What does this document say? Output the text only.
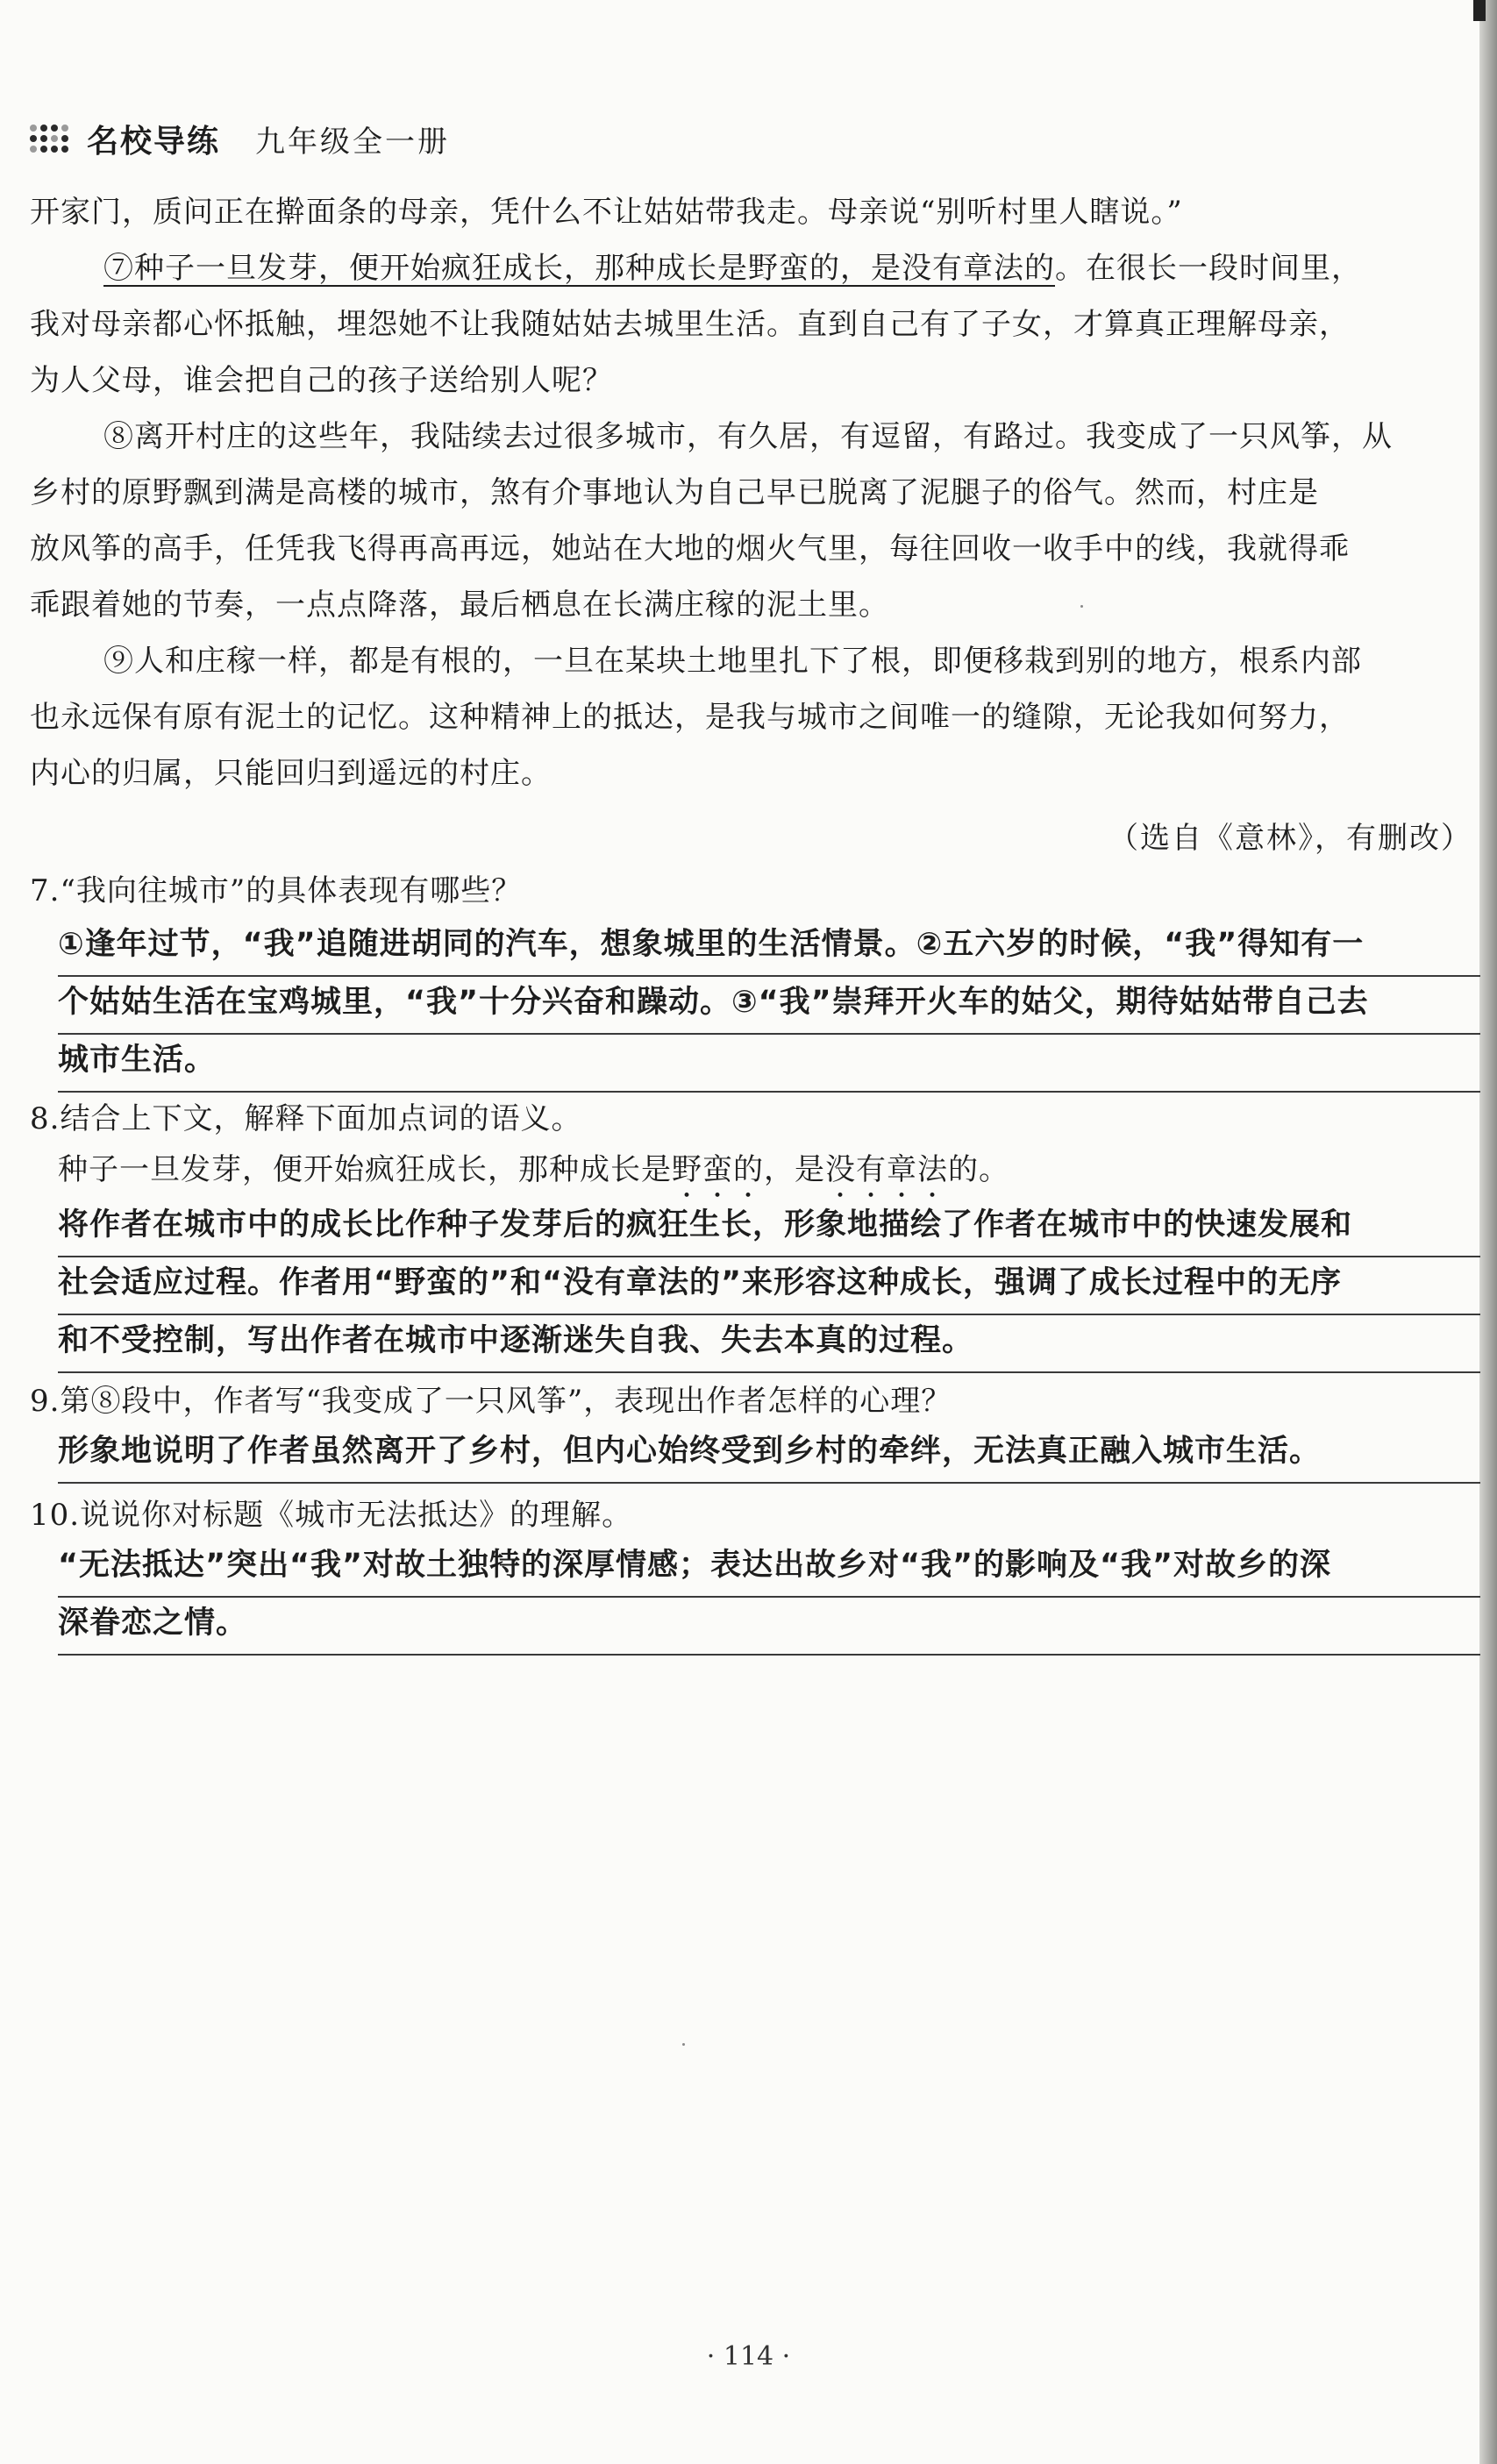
名校导练 九年级全一册

开家门，质问正在擀面条的母亲，凭什么不让姑姑带我走。母亲说“别听村里人瞎说。”

⑦种子一旦发芽，便开始疯狂成长，那种成长是野蛮的，是没有章法的。在很长一段时间里，

我对母亲都心怀抵触，埋怨她不让我随姑姑去城里生活。直到自己有了子女，才算真正理解母亲，

为人父母，谁会把自己的孩子送给别人呢？

⑧离开村庄的这些年，我陆续去过很多城市，有久居，有逗留，有路过。我变成了一只风筝，从

乡村的原野飘到满是高楼的城市，煞有介事地认为自己早已脱离了泥腿子的俗气。然而，村庄是

放风筝的高手，任凭我飞得再高再远，她站在大地的烟火气里，每往回收一收手中的线，我就得乖

乖跟着她的节奏，一点点降落，最后栖息在长满庄稼的泥土里。

⑨人和庄稼一样，都是有根的，一旦在某块土地里扎下了根，即便移栽到别的地方，根系内部

也永远保有原有泥土的记忆。这种精神上的抵达，是我与城市之间唯一的缝隙，无论我如何努力，

内心的归属，只能回归到遥远的村庄。

（选自《意林》，有删改）
7.“我向往城市”的具体表现有哪些？
①逢年过节，“我”追随进胡同的汽车，想象城里的生活情景。②五六岁的时候，“我”得知有一
个姑姑生活在宝鸡城里，“我”十分兴奋和躁动。③“我”崇拜开火车的姑父，期待姑姑带自己去
城市生活。
8.结合上下文，解释下面加点词的语义。
种子一旦发芽，便开始疯狂成长，那种成长是野蛮的，是没有章法的。
将作者在城市中的成长比作种子发芽后的疯狂生长，形象地描绘了作者在城市中的快速发展和
社会适应过程。作者用“野蛮的”和“没有章法的”来形容这种成长，强调了成长过程中的无序
和不受控制，写出作者在城市中逐渐迷失自我、失去本真的过程。
9.第⑧段中，作者写“我变成了一只风筝”，表现出作者怎样的心理？
形象地说明了作者虽然离开了乡村，但内心始终受到乡村的牵绊，无法真正融入城市生活。
10.说说你对标题《城市无法抵达》的理解。
“无法抵达”突出“我”对故土独特的深厚情感；表达出故乡对“我”的影响及“我”对故乡的深
深眷恋之情。
· 114 ·
